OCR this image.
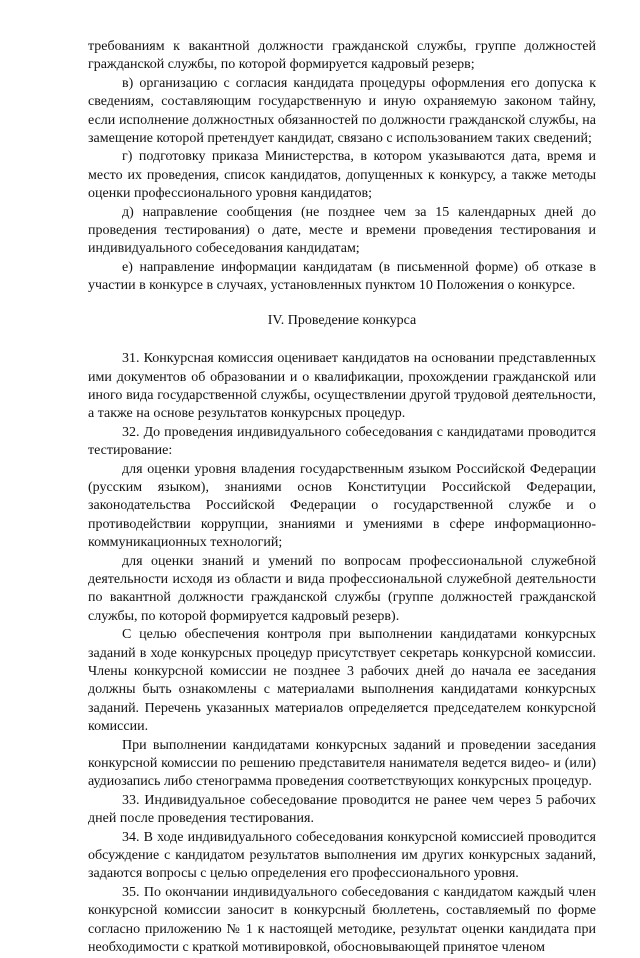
требованиям к вакантной должности гражданской службы, группе должностей гражданской службы, по которой формируется кадровый резерв;

в) организацию с согласия кандидата процедуры оформления его допуска к сведениям, составляющим государственную и иную охраняемую законом тайну, если исполнение должностных обязанностей по должности гражданской службы, на замещение которой претендует кандидат, связано с использованием таких сведений;

г) подготовку приказа Министерства, в котором указываются дата, время и место их проведения, список кандидатов, допущенных к конкурсу, а также методы оценки профессионального уровня кандидатов;

д) направление сообщения (не позднее чем за 15 календарных дней до проведения тестирования) о дате, месте и времени проведения тестирования и индивидуального собеседования кандидатам;

е) направление информации кандидатам (в письменной форме) об отказе в участии в конкурсе в случаях, установленных пунктом 10 Положения о конкурсе.

IV. Проведение конкурса

31. Конкурсная комиссия оценивает кандидатов на основании представленных ими документов об образовании и о квалификации, прохождении гражданской или иного вида государственной службы, осуществлении другой трудовой деятельности, а также на основе результатов конкурсных процедур.

32. До проведения индивидуального собеседования с кандидатами проводится тестирование:

для оценки уровня владения государственным языком Российской Федерации (русским языком), знаниями основ Конституции Российской Федерации, законодательства Российской Федерации о государственной службе и о противодействии коррупции, знаниями и умениями в сфере информационно-коммуникационных технологий;

для оценки знаний и умений по вопросам профессиональной служебной деятельности исходя из области и вида профессиональной служебной деятельности по вакантной должности гражданской службы (группе должностей гражданской службы, по которой формируется кадровый резерв).

С целью обеспечения контроля при выполнении кандидатами конкурсных заданий в ходе конкурсных процедур присутствует секретарь конкурсной комиссии. Члены конкурсной комиссии не позднее 3 рабочих дней до начала ее заседания должны быть ознакомлены с материалами выполнения кандидатами конкурсных заданий. Перечень указанных материалов определяется председателем конкурсной комиссии.

При выполнении кандидатами конкурсных заданий и проведении заседания конкурсной комиссии по решению представителя нанимателя ведется видео- и (или) аудиозапись либо стенограмма проведения соответствующих конкурсных процедур.

33. Индивидуальное собеседование проводится не ранее чем через 5 рабочих дней после проведения тестирования.

34. В ходе индивидуального собеседования конкурсной комиссией проводится обсуждение с кандидатом результатов выполнения им других конкурсных заданий, задаются вопросы с целью определения его профессионального уровня.

35. По окончании индивидуального собеседования с кандидатом каждый член конкурсной комиссии заносит в конкурсный бюллетень, составляемый по форме согласно приложению № 1 к настоящей методике, результат оценки кандидата при необходимости с краткой мотивировкой, обосновывающей принятое членом
